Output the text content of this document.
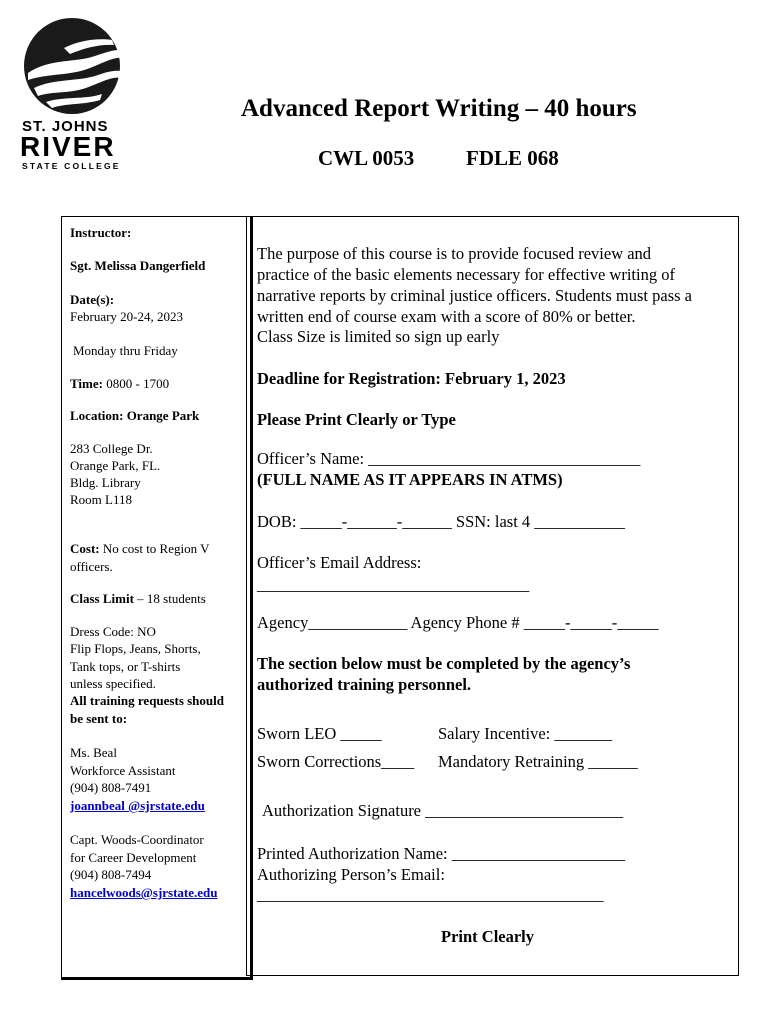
ST. JOHNS
RIVER
STATE COLLEGE
Advanced Report Writing – 40 hours
CWL 0053 FDLE 068
Instructor:
Sgt. Melissa Dangerfield
Date(s):
February 20-24, 2023
Monday thru Friday
Time: 0800 - 1700
Location: Orange Park
283 College Dr.
Orange Park, FL.
Bldg. Library
Room L118
Cost: No cost to Region V
officers.
Class Limit – 18 students
Dress Code: NO
Flip Flops, Jeans, Shorts,
Tank tops, or T-shirts
unless specified.
All training requests should
be sent to:
Ms. Beal
Workforce Assistant
(904) 808-7491
joannbeal @sjrstate.edu
Capt. Woods-Coordinator
for Career Development
(904) 808-7494
hancelwoods@sjrstate.edu
The purpose of this course is to provide focused review and
practice of the basic elements necessary for effective writing of
narrative reports by criminal justice officers. Students must pass a
written end of course exam with a score of 80% or better.
Class Size is limited so sign up early
Deadline for Registration: February 1, 2023
Please Print Clearly or Type
Officer’s Name: _________________________________
(FULL NAME AS IT APPEARS IN ATMS)
DOB: _____-______-______ SSN: last 4 ___________
Officer’s Email Address:
_________________________________
Agency____________ Agency Phone # _____-_____-_____
The section below must be completed by the agency’s
authorized training personnel.
Sworn LEO _____	Salary Incentive: _______
Sworn Corrections____ Mandatory Retraining ______
Authorization Signature ________________________
Printed Authorization Name: _____________________
Authorizing Person’s Email:
__________________________________________
Print Clearly
